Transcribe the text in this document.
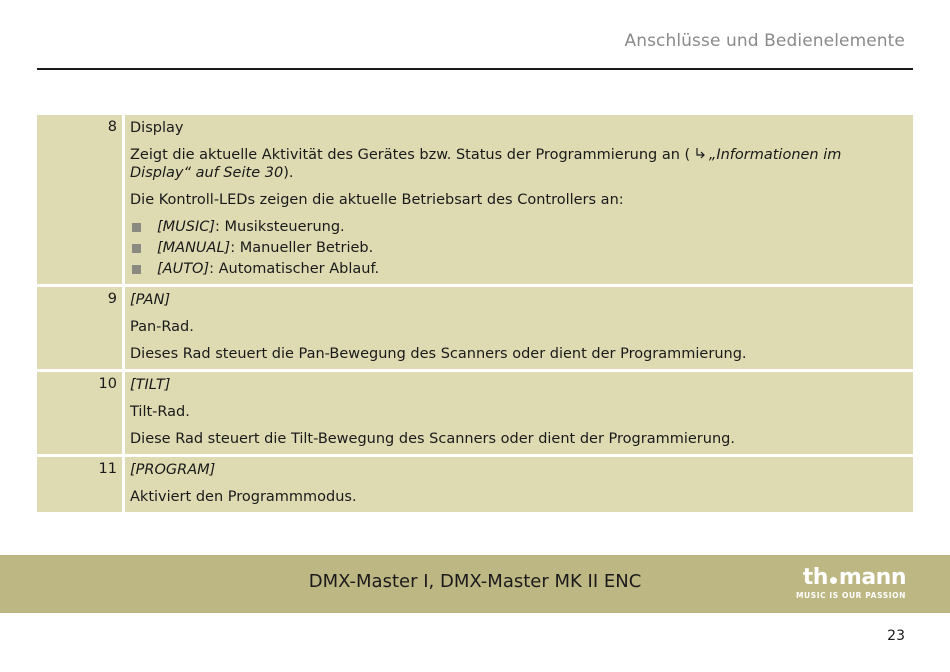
Anschlüsse und Bedienelemente
8 Display

Zeigt die aktuelle Aktivität des Gerätes bzw. Status der Programmierung an ( „Informationen im Display“ auf Seite 30).

Die Kontroll-LEDs zeigen die aktuelle Betriebsart des Controllers an:

[MUSIC]: Musiksteuerung.
[MANUAL]: Manueller Betrieb.
[AUTO]: Automatischer Ablauf.
9 [PAN]

Pan-Rad.

Dieses Rad steuert die Pan-Bewegung des Scanners oder dient der Programmierung.

10 [TILT]

Tilt-Rad.

Diese Rad steuert die Tilt-Bewegung des Scanners oder dient der Programmierung.

11 [PROGRAM]

Aktiviert den Programmmodus.

DMX-Master I, DMX-Master MK II ENC	th mann
MUSIC IS OUR PASSION
23
